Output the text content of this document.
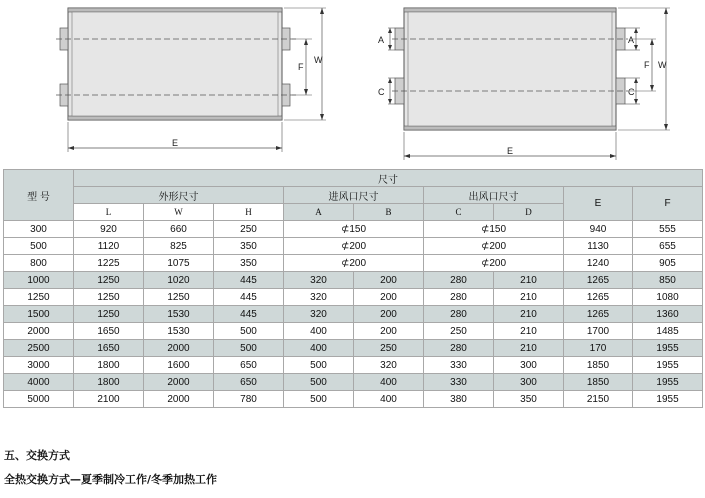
E
F
W
A
C
A
C
F W
E
型 号	尺寸								
	外形尺寸			进风口尺寸		出风口尺寸		E	F
	L	W	H	A	B	C	D		
300	920	660	250	⊄150		⊄150		940	555
500	1120	825	350	⊄200		⊄200		1130	655
800	1225	1075	350	⊄200		⊄200		1240	905
1000	1250	1020	445	320	200	280	210	1265	850
1250	1250	1250	445	320	200	280	210	1265	1080
1500	1250	1530	445	320	200	280	210	1265	1360
2000	1650	1530	500	400	200	250	210	1700	1485
2500	1650	2000	500	400	250	280	210	170	1955
3000	1800	1600	650	500	320	330	300	1850	1955
4000	1800	2000	650	500	400	330	300	1850	1955
5000	2100	2000	780	500	400	380	350	2150	1955
五、交换方式
全热交换方式—夏季制冷工作/冬季加热工作
